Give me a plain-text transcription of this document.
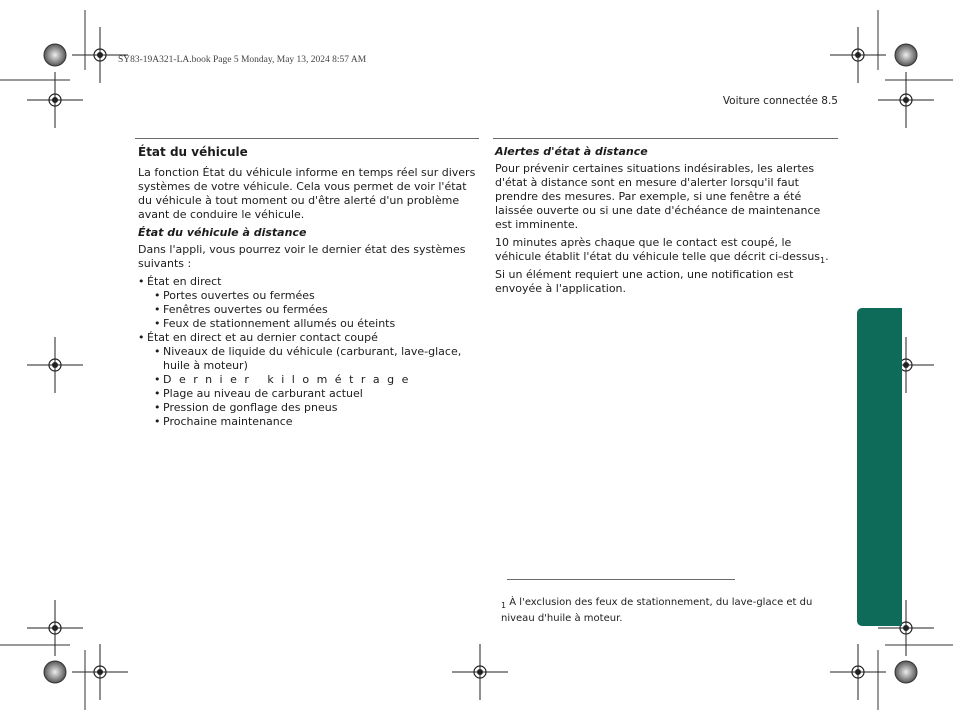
SY83-19A321-LA.book Page 5 Monday, May 13, 2024 8:57 AM
Voiture connectée 8.5
État du véhicule

La fonction État du véhicule informe en temps réel sur divers systèmes de votre véhicule. Cela vous permet de voir l'état du véhicule à tout moment ou d'être alerté d'un problème avant de conduire le véhicule.

État du véhicule à distance

Dans l'appli, vous pourrez voir le dernier état des systèmes suivants :

• État en direct
• Portes ouvertes ou fermées
• Fenêtres ouvertes ou fermées
• Feux de stationnement allumés ou éteints
• État en direct et au dernier contact coupé
• Niveaux de liquide du véhicule (carburant, lave-glace, huile à moteur)
• Dernier kilométrage
• Plage au niveau de carburant actuel
• Pression de gonflage des pneus
• Prochaine maintenance
Alertes d'état à distance

Pour prévenir certaines situations indésirables, les alertes d'état à distance sont en mesure d'alerter lorsqu'il faut prendre des mesures. Par exemple, si une fenêtre a été laissée ouverte ou si une date d'échéance de maintenance est imminente.

10 minutes après chaque que le contact est coupé, le véhicule établit l'état du véhicule telle que décrit ci-dessus$_1$. Si un élément requiert une action, une notification est envoyée à l'application.

$_1$ À l'exclusion des feux de stationnement, du lave-glace et du niveau d'huile à moteur.
